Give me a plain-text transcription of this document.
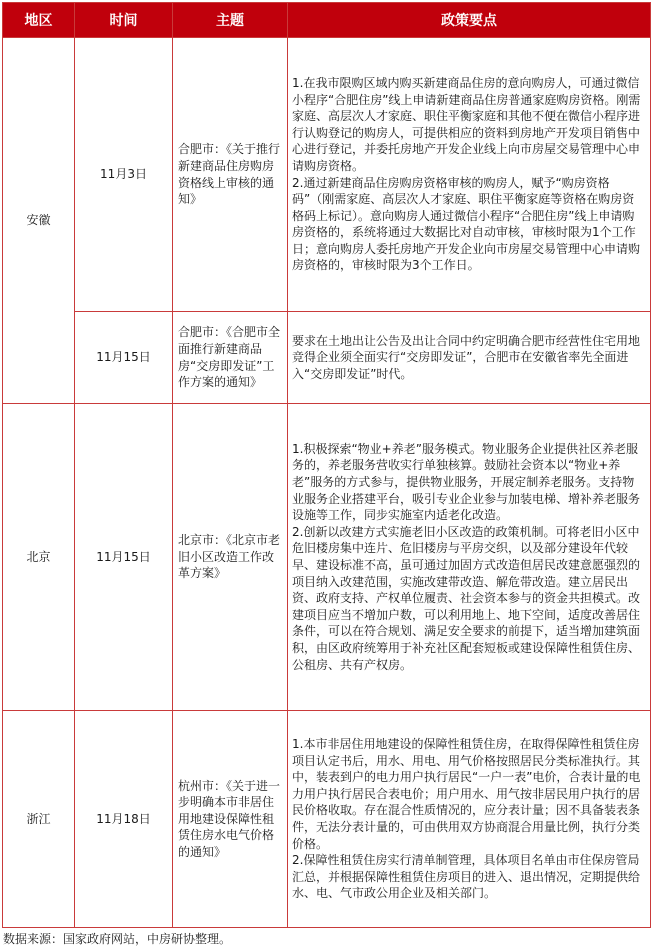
地区	时间	主题	政策要点
安徽	11月3日	合肥市：《关于推行新建商品住房购房资格线上审核的通知》	1.在我市限购区域内购买新建商品住房的意向购房人，可通过微信小程序“合肥住房”线上申请新建商品住房普通家庭购房资格。刚需家庭、高层次人才家庭、职住平衡家庭和其他不便在微信小程序进行认购登记的购房人，可提供相应的资料到房地产开发项目销售中心进行登记，并委托房地产开发企业线上向市房屋交易管理中心申请购房资格。
2.通过新建商品住房购房资格审核的购房人，赋予“购房资格码”（刚需家庭、高层次人才家庭、职住平衡家庭等资格在购房资格码上标记）。意向购房人通过微信小程序“合肥住房”线上申请购房资格的，系统将通过大数据比对自动审核，审核时限为1个工作日；意向购房人委托房地产开发企业向市房屋交易管理中心申请购房资格的，审核时限为3个工作日。

	11月15日	合肥市：《合肥市全面推行新建商品房“交房即发证”工作方案的通知》	要求在土地出让公告及出让合同中约定明确合肥市经营性住宅用地竞得企业须全面实行“交房即发证”，合肥市在安徽省率先全面进入“交房即发证”时代。

北京	11月15日	北京市：《北京市老旧小区改造工作改革方案》	1.积极探索“物业+养老”服务模式。物业服务企业提供社区养老服务的，养老服务营收实行单独核算。鼓励社会资本以“物业+养老”服务的方式参与，提供物业服务，开展定制养老服务。支持物业服务企业搭建平台，吸引专业企业参与加装电梯、增补养老服务设施等工作，同步实施室内适老化改造。
2.创新以改建方式实施老旧小区改造的政策机制。可将老旧小区中危旧楼房集中连片、危旧楼房与平房交织，以及部分建设年代较早、建设标准不高，虽可通过加固方式改造但居民改建意愿强烈的项目纳入改建范围，实施改建带改造、解危带改造。建立居民出资、政府支持、产权单位履责、社会资本参与的资金共担模式。改建项目应当不增加户数，可以利用地上、地下空间，适度改善居住条件，可以在符合规划、满足安全要求的前提下，适当增加建筑面积，由区政府统筹用于补充社区配套短板或建设保障性租赁住房、公租房、共有产权房。

浙江	11月18日	杭州市：《关于进一步明确本市非居住用地建设保障性租赁住房水电气价格的通知》	1.本市非居住用地建设的保障性租赁住房，在取得保障性租赁住房项目认定书后，用水、用电、用气价格按照居民分类标准执行。其中，装表到户的电力用户执行居民“一户一表”电价，合表计量的电力用户执行居民合表电价；用户用水、用气按非居民用户执行的居民价格收取。存在混合性质情况的，应分表计量；因不具备装表条件，无法分表计量的，可由供用双方协商混合用量比例，执行分类价格。
2.保障性租赁住房实行清单制管理，具体项目名单由市住保房管局汇总，并根据保障性租赁住房项目的进入、退出情况，定期提供给水、电、气市政公用企业及相关部门。
数据来源：国家政府网站，中房研协整理。
